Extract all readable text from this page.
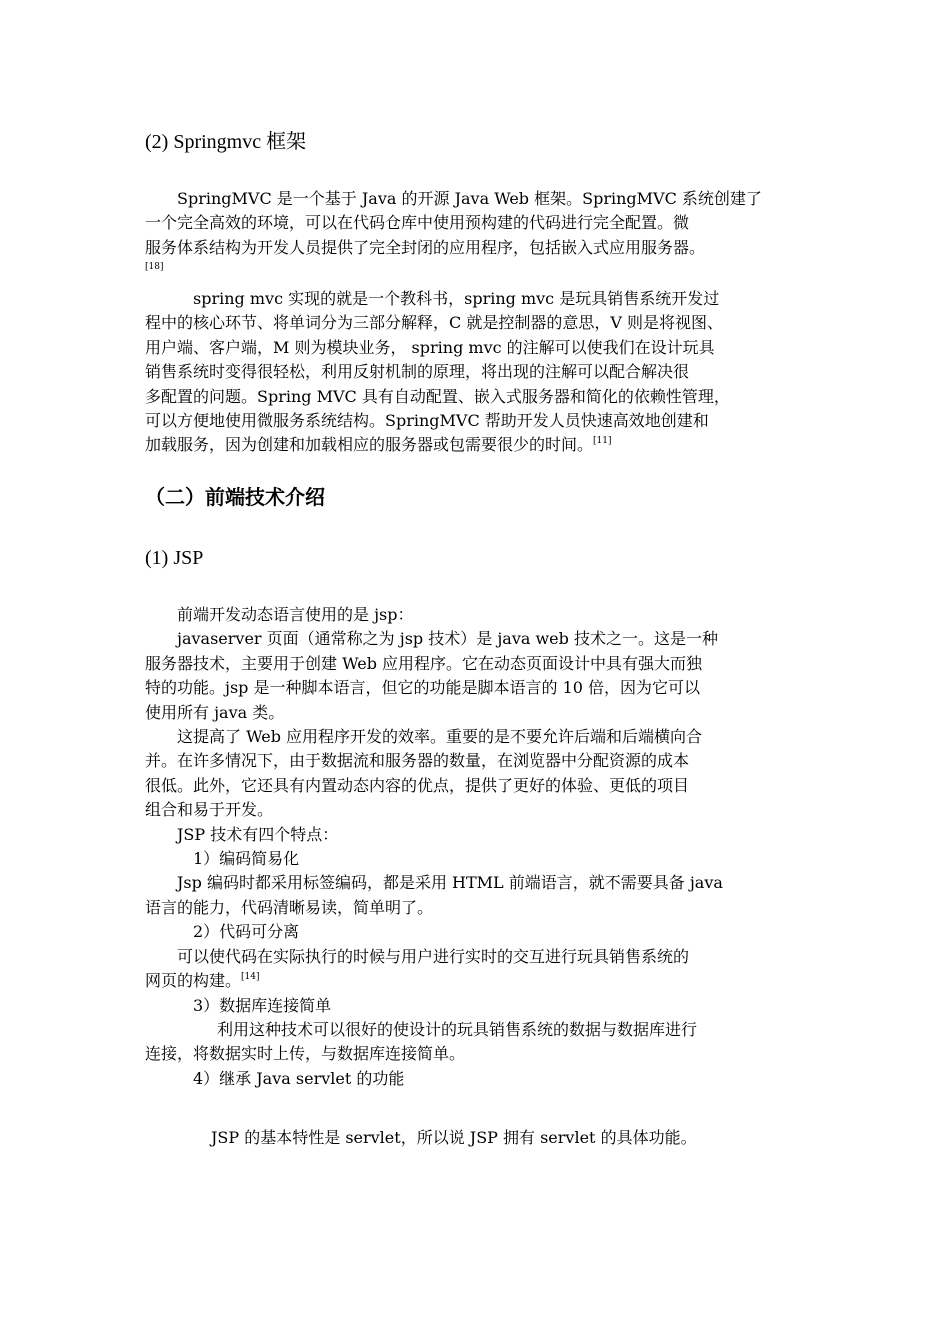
(2) Springmvc 框架

SpringMVC 是一个基于 Java 的开源 Java Web 框架。SpringMVC 系统创建了

一个完全高效的环境，可以在代码仓库中使用预构建的代码进行完全配置。微

服务体系结构为开发人员提供了完全封闭的应用程序，包括嵌入式应用服务器。

[18]

spring mvc 实现的就是一个教科书，spring mvc 是玩具销售系统开发过

程中的核心环节、将单词分为三部分解释，C 就是控制器的意思，V 则是将视图、

用户端、客户端，M 则为模块业务， spring mvc 的注解可以使我们在设计玩具

销售系统时变得很轻松，利用反射机制的原理，将出现的注解可以配合解决很

多配置的问题。Spring MVC 具有自动配置、嵌入式服务器和简化的依赖性管理，

可以方便地使用微服务系统结构。SpringMVC 帮助开发人员快速高效地创建和

加载服务，因为创建和加载相应的服务器或包需要很少的时间。[11]

（二）前端技术介绍
(1) JSP

前端开发动态语言使用的是 jsp：

javaserver 页面（通常称之为 jsp 技术）是 java web 技术之一。这是一种

服务器技术，主要用于创建 Web 应用程序。它在动态页面设计中具有强大而独

特的功能。jsp 是一种脚本语言，但它的功能是脚本语言的 10 倍，因为它可以

使用所有 java 类。

这提高了 Web 应用程序开发的效率。重要的是不要允许后端和后端横向合

并。在许多情况下，由于数据流和服务器的数量，在浏览器中分配资源的成本

很低。此外，它还具有内置动态内容的优点，提供了更好的体验、更低的项目

组合和易于开发。

JSP 技术有四个特点：

1）编码简易化

Jsp 编码时都采用标签编码，都是采用 HTML 前端语言，就不需要具备 java

语言的能力，代码清晰易读，简单明了。

2）代码可分离

可以使代码在实际执行的时候与用户进行实时的交互进行玩具销售系统的

网页的构建。[14]

3）数据库连接简单

利用这种技术可以很好的使设计的玩具销售系统的数据与数据库进行

连接，将数据实时上传，与数据库连接简单。

4）继承 Java servlet 的功能

JSP 的基本特性是 servlet，所以说 JSP 拥有 servlet 的具体功能。
